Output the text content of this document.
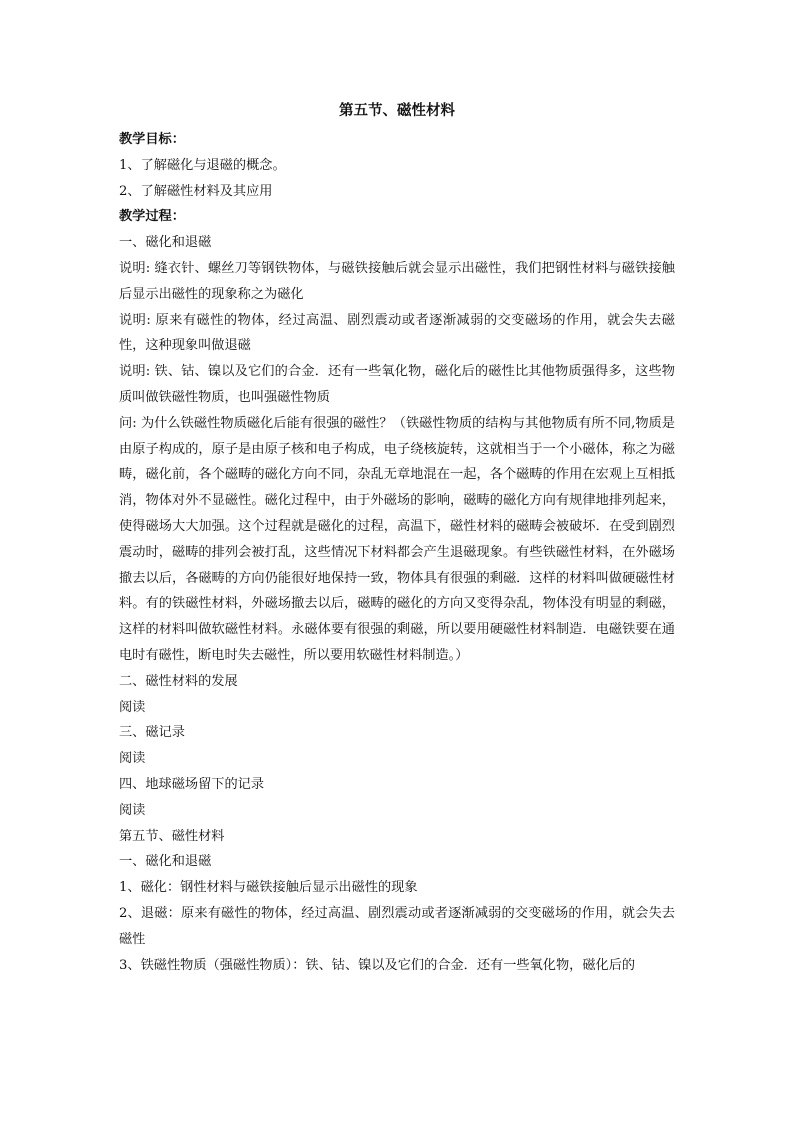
第五节、磁性材料
教学目标：
1、了解磁化与退磁的概念。
2、了解磁性材料及其应用
教学过程：
一、磁化和退磁
说明: 缝衣针、螺丝刀等钢铁物体，与磁铁接触后就会显示出磁性，我们把钢性材料与磁铁接触后显示出磁性的现象称之为磁化
说明: 原来有磁性的物体，经过高温、剧烈震动或者逐渐减弱的交变磁场的作用，就会失去磁性，这种现象叫做退磁
说明: 铁、钴、镍以及它们的合金．还有一些氧化物，磁化后的磁性比其他物质强得多，这些物质叫做铁磁性物质，也叫强磁性物质
问: 为什么铁磁性物质磁化后能有很强的磁性？（铁磁性物质的结构与其他物质有所不同,物质是由原子构成的，原子是由原子核和电子构成，电子绕核旋转，这就相当于一个小磁体，称之为磁畴，磁化前，各个磁畴的磁化方向不同，杂乱无章地混在一起，各个磁畴的作用在宏观上互相抵消，物体对外不显磁性。磁化过程中，由于外磁场的影响，磁畴的磁化方向有规律地排列起来，使得磁场大大加强。这个过程就是磁化的过程，高温下，磁性材料的磁畴会被破坏．在受到剧烈震动时，磁畴的排列会被打乱，这些情况下材料都会产生退磁现象。有些铁磁性材料，在外磁场撤去以后，各磁畴的方向仍能很好地保持一致，物体具有很强的剩磁．这样的材料叫做硬磁性材料。有的铁磁性材料，外磁场撤去以后，磁畴的磁化的方向又变得杂乱，物体没有明显的剩磁，这样的材料叫做软磁性材料。永磁体要有很强的剩磁，所以要用硬磁性材料制造．电磁铁要在通电时有磁性，断电时失去磁性，所以要用软磁性材料制造。）
二、磁性材料的发展
阅读
三、磁记录
阅读
四、地球磁场留下的记录
阅读
第五节、磁性材料
一、磁化和退磁
1、磁化：钢性材料与磁铁接触后显示出磁性的现象
2、退磁：原来有磁性的物体，经过高温、剧烈震动或者逐渐减弱的交变磁场的作用，就会失去磁性
3、铁磁性物质（强磁性物质）：铁、钴、镍以及它们的合金．还有一些氧化物，磁化后的
